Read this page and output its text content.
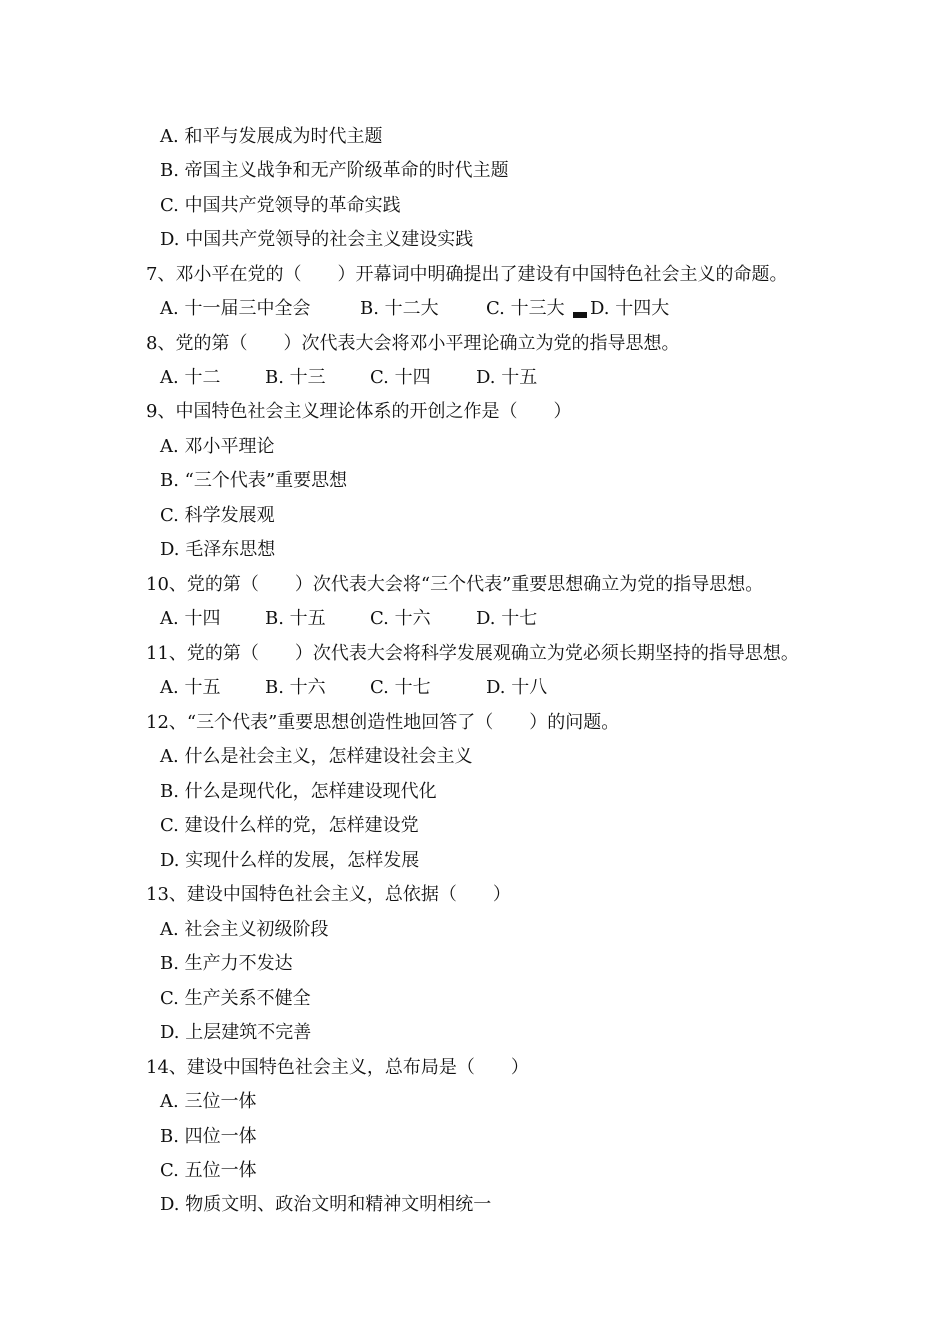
A. 和平与发展成为时代主题
B. 帝国主义战争和无产阶级革命的时代主题
C. 中国共产党领导的革命实践
D. 中国共产党领导的社会主义建设实践
7、邓小平在党的（　　）开幕词中明确提出了建设有中国特色社会主义的命题。
A. 十一届三中全会	B. 十二大	C. 十三大 D. 十四大
8、党的第（　　）次代表大会将邓小平理论确立为党的指导思想。
A. 十二 B. 十三 C. 十四	D. 十五
9、中国特色社会主义理论体系的开创之作是（　　）
A. 邓小平理论
B. “三个代表”重要思想
C. 科学发展观
D. 毛泽东思想
10、党的第（　　）次代表大会将“三个代表”重要思想确立为党的指导思想。
A. 十四 B. 十五 C. 十六	D. 十七
11、党的第（　　）次代表大会将科学发展观确立为党必须长期坚持的指导思想。
A. 十五 B. 十六 C. 十七	D. 十八
12、“三个代表”重要思想创造性地回答了（　　）的问题。
A. 什么是社会主义，怎样建设社会主义
B. 什么是现代化，怎样建设现代化
C. 建设什么样的党，怎样建设党
D. 实现什么样的发展，怎样发展
13、建设中国特色社会主义，总依据（　　）
A. 社会主义初级阶段
B. 生产力不发达
C. 生产关系不健全
D. 上层建筑不完善
14、建设中国特色社会主义，总布局是（　　）
A. 三位一体
B. 四位一体
C. 五位一体
D. 物质文明、政治文明和精神文明相统一
